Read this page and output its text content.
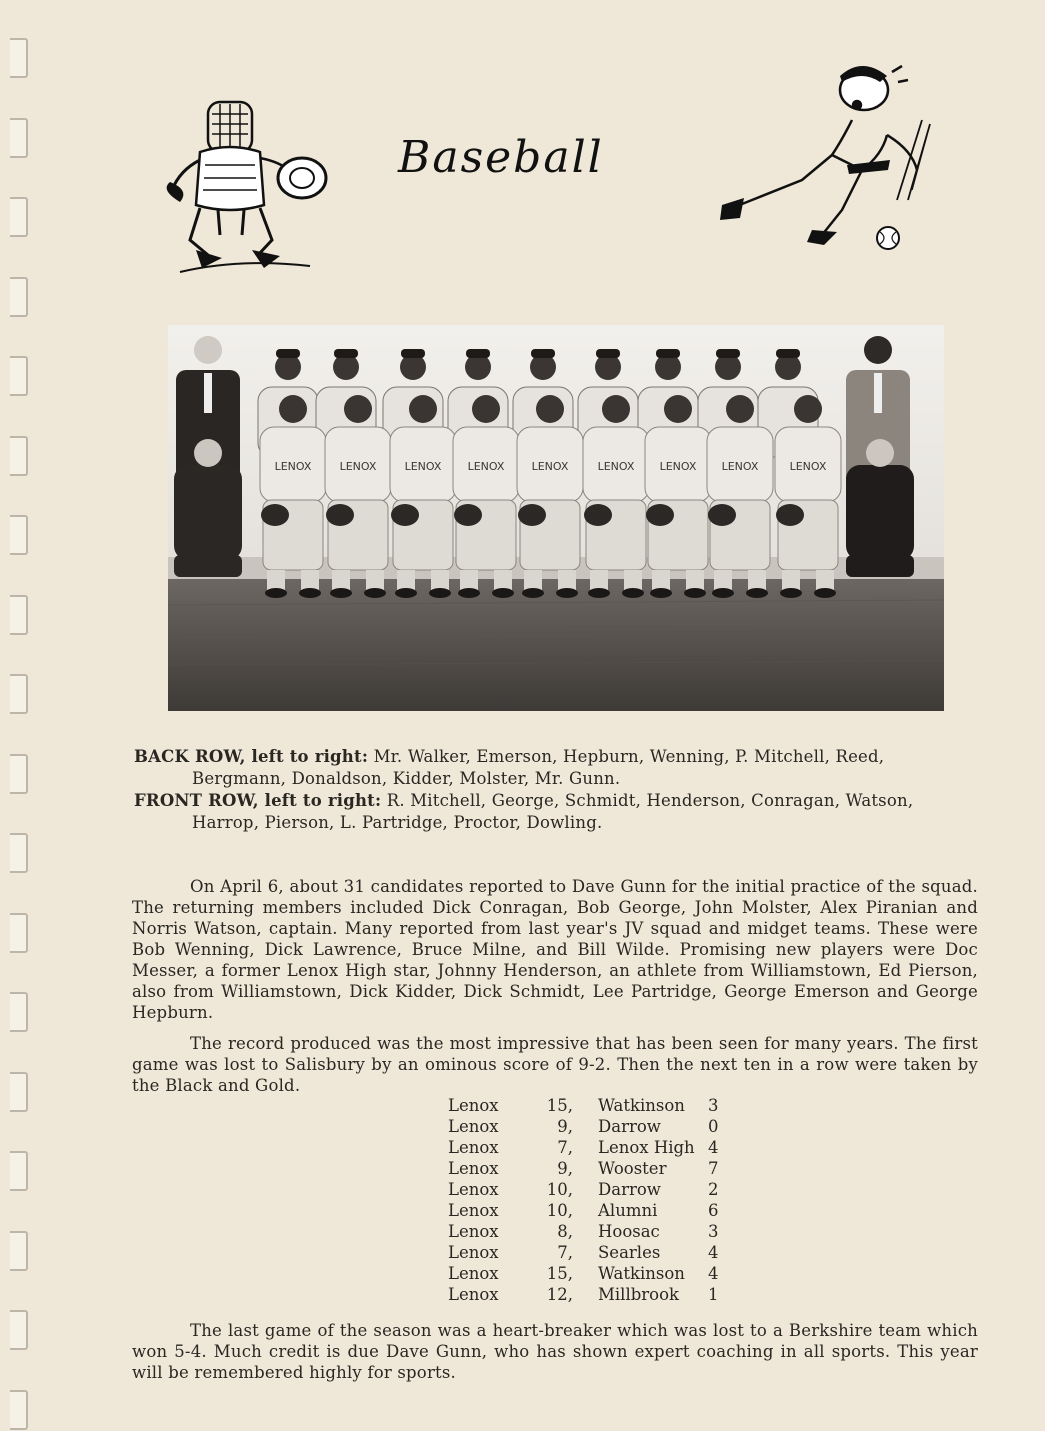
Baseball
LENOX	LENOX	LENOX LENOX LENOX	LENOX LENOX LENOX	LENOX

BACK ROW, left to right: Mr. Walker, Emerson, Hepburn, Wenning, P. Mitchell, Reed,

Bergmann, Donaldson, Kidder, Molster, Mr. Gunn.

FRONT ROW, left to right: R. Mitchell, George, Schmidt, Henderson, Conragan, Watson,

Harrop, Pierson, L. Partridge, Proctor, Dowling.

On April 6, about 31 candidates reported to Dave Gunn for the initial practice of the squad. The returning members included Dick Conragan, Bob George, John Molster, Alex Piranian and Norris Watson, captain. Many reported from last year's JV squad and midget teams. These were Bob Wenning, Dick Lawrence, Bruce Milne, and Bill Wilde. Promising new players were Doc Messer, a former Lenox High star, Johnny Henderson, an athlete from Williamstown, Ed Pierson, also from Williamstown, Dick Kidder, Dick Schmidt, Lee Partridge, George Emerson and George Hepburn.

The record produced was the most impressive that has been seen for many years. The first game was lost to Salisbury by an ominous score of 9-2. Then the next ten in a row were taken by the Black and Gold.

Lenox	15,	Watkinson	3
Lenox	9,	Darrow	0
Lenox	7,	Lenox High	4
Lenox	9,	Wooster	7
Lenox	10,	Darrow	2
Lenox	10,	Alumni	6
Lenox	8,	Hoosac	3
Lenox	7,	Searles	4
Lenox	15,	Watkinson	4
Lenox	12,	Millbrook	1

The last game of the season was a heart-breaker which was lost to a Berkshire team which won 5-4. Much credit is due Dave Gunn, who has shown expert coaching in all sports. This year will be remembered highly for sports.
